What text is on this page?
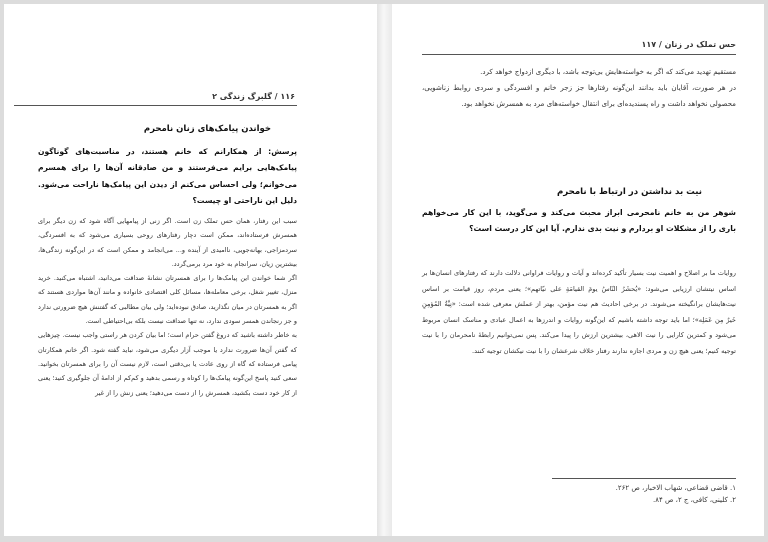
۱۱۶ / گلبرگ زندگی ۲
خواندن پیامک‌های زنان نامحرم
پرسش: از همکارانم که خانم هستند، در مناسبت‌های گوناگون پیامک‌هایی برایم می‌فرستند و من صادقانه آن‌ها را برای همسرم می‌خوانم؛ ولی احساس می‌کنم از دیدن این پیامک‌ها ناراحت می‌شود. دلیل این ناراحتی او چیست؟

سبب این رفتار، همان حس تملک زن است. اگر زنی از پیامهایی آگاه شود که زن دیگر برای همسرش فرستاده‌اند، ممکن است دچار رفتارهای روحی بسیاری می‌شود که به افسردگی، سردمزاجی، بهانه‌جویی، ناامیدی از آینده و... می‌انجامد و ممکن است که در این‌گونه زندگی‌ها، بیشترین زیان، سرانجام به خود مرد برمی‌گردد.

اگر شما خواندن این پیامک‌ها را برای همسرتان نشانهٔ صداقت می‌دانید، اشتباه می‌کنید. خرید منزل، تغییر شغل، برخی معامله‌ها، مسائل کلی اقتصادی خانواده و مانند آن‌ها مواردی هستند که اگر به همسرتان در میان نگذارید، صادق نبوده‌اید؛ ولی بیان مطالبی که گفتنش هیچ ضرورتی ندارد و جز رنجاندن همسر سودی ندارد، نه تنها صداقت نیست بلکه بی‌احتیاطی است.

به خاطر داشته باشید که دروغ گفتن حرام است؛ اما بیان کردن هر راستی واجب نیست. چیزهایی که گفتن آن‌ها ضرورت ندارد یا موجب آزار دیگری می‌شود، نباید گفته شود. اگر خانم همکارتان پیامی فرستاده که گاه از روی عادت یا بی‌دقتی است، لازم نیست آن را برای همسرتان بخوانید. سعی کنید پاسخ این‌گونه پیامک‌ها را کوتاه و رسمی بدهید و کم‌کم از ادامهٔ آن جلوگیری کنید؛ یعنی از کار خود دست بکشید، همسرش را از دست می‌دهید؛ یعنی زنش را از غیر

حس تملک در زنان / ۱۱۷

مستقیم تهدید می‌کند که اگر به خواسته‌هایش بی‌توجه باشد، با دیگری ازدواج خواهد کرد.

در هر صورت، آقایان باید بدانند این‌گونه رفتارها جز زجر خانم و افسردگی و سردی روابط زناشویی، محصولی نخواهد داشت و راه پسندیده‌ای برای انتقال خواسته‌های مرد به همسرش نخواهد بود.

نیت بد نداشتن در ارتباط با نامحرم
شوهر من به خانم نامحرمی ابراز محبت می‌کند و می‌گوید، با این کار می‌خواهم باری را از مشکلات او بردارم و نیت بدی ندارم. آیا این کار درست است؟

روایات ما بر اصلاح و اهمیت نیت بسیار تأکید کرده‌اند و آیات و روایات فراوانی دلالت دارند که رفتارهای انسان‌ها بر اساس نیتشان ارزیابی می‌شود: «یُحشَرُ النّاسُ یومَ القیامَةِ علی نیّاتهم»؛ یعنی مردم، روز قیامت بر اساس نیت‌هایشان برانگیخته می‌شوند. در برخی احادیث هم نیت مؤمن، بهتر از عملش معرفی شده است: «نِیَّةُ المُؤمِنِ خَیرٌ مِن عَمَلِه»؛ اما باید توجه داشته باشیم که این‌گونه روایات و اندرزها به اعمال عبادی و مناسک انسان مربوط می‌شود و کمترین کارایی را نیت الاهی، بیشترین ارزش را پیدا می‌کند. پس نمی‌توانیم رابطهٔ نامحرمان را با نیت توجیه کنیم؛ یعنی هیچ زن و مردی اجازه ندارند رفتار خلاف شرعشان را با نیت نیکشان توجیه کنند.

۱. قاضی قضاعی، شهاب الاخبار، ص ۲۶۲.
۲. کلینی، کافی، ج ۲، ص ۸۴.
